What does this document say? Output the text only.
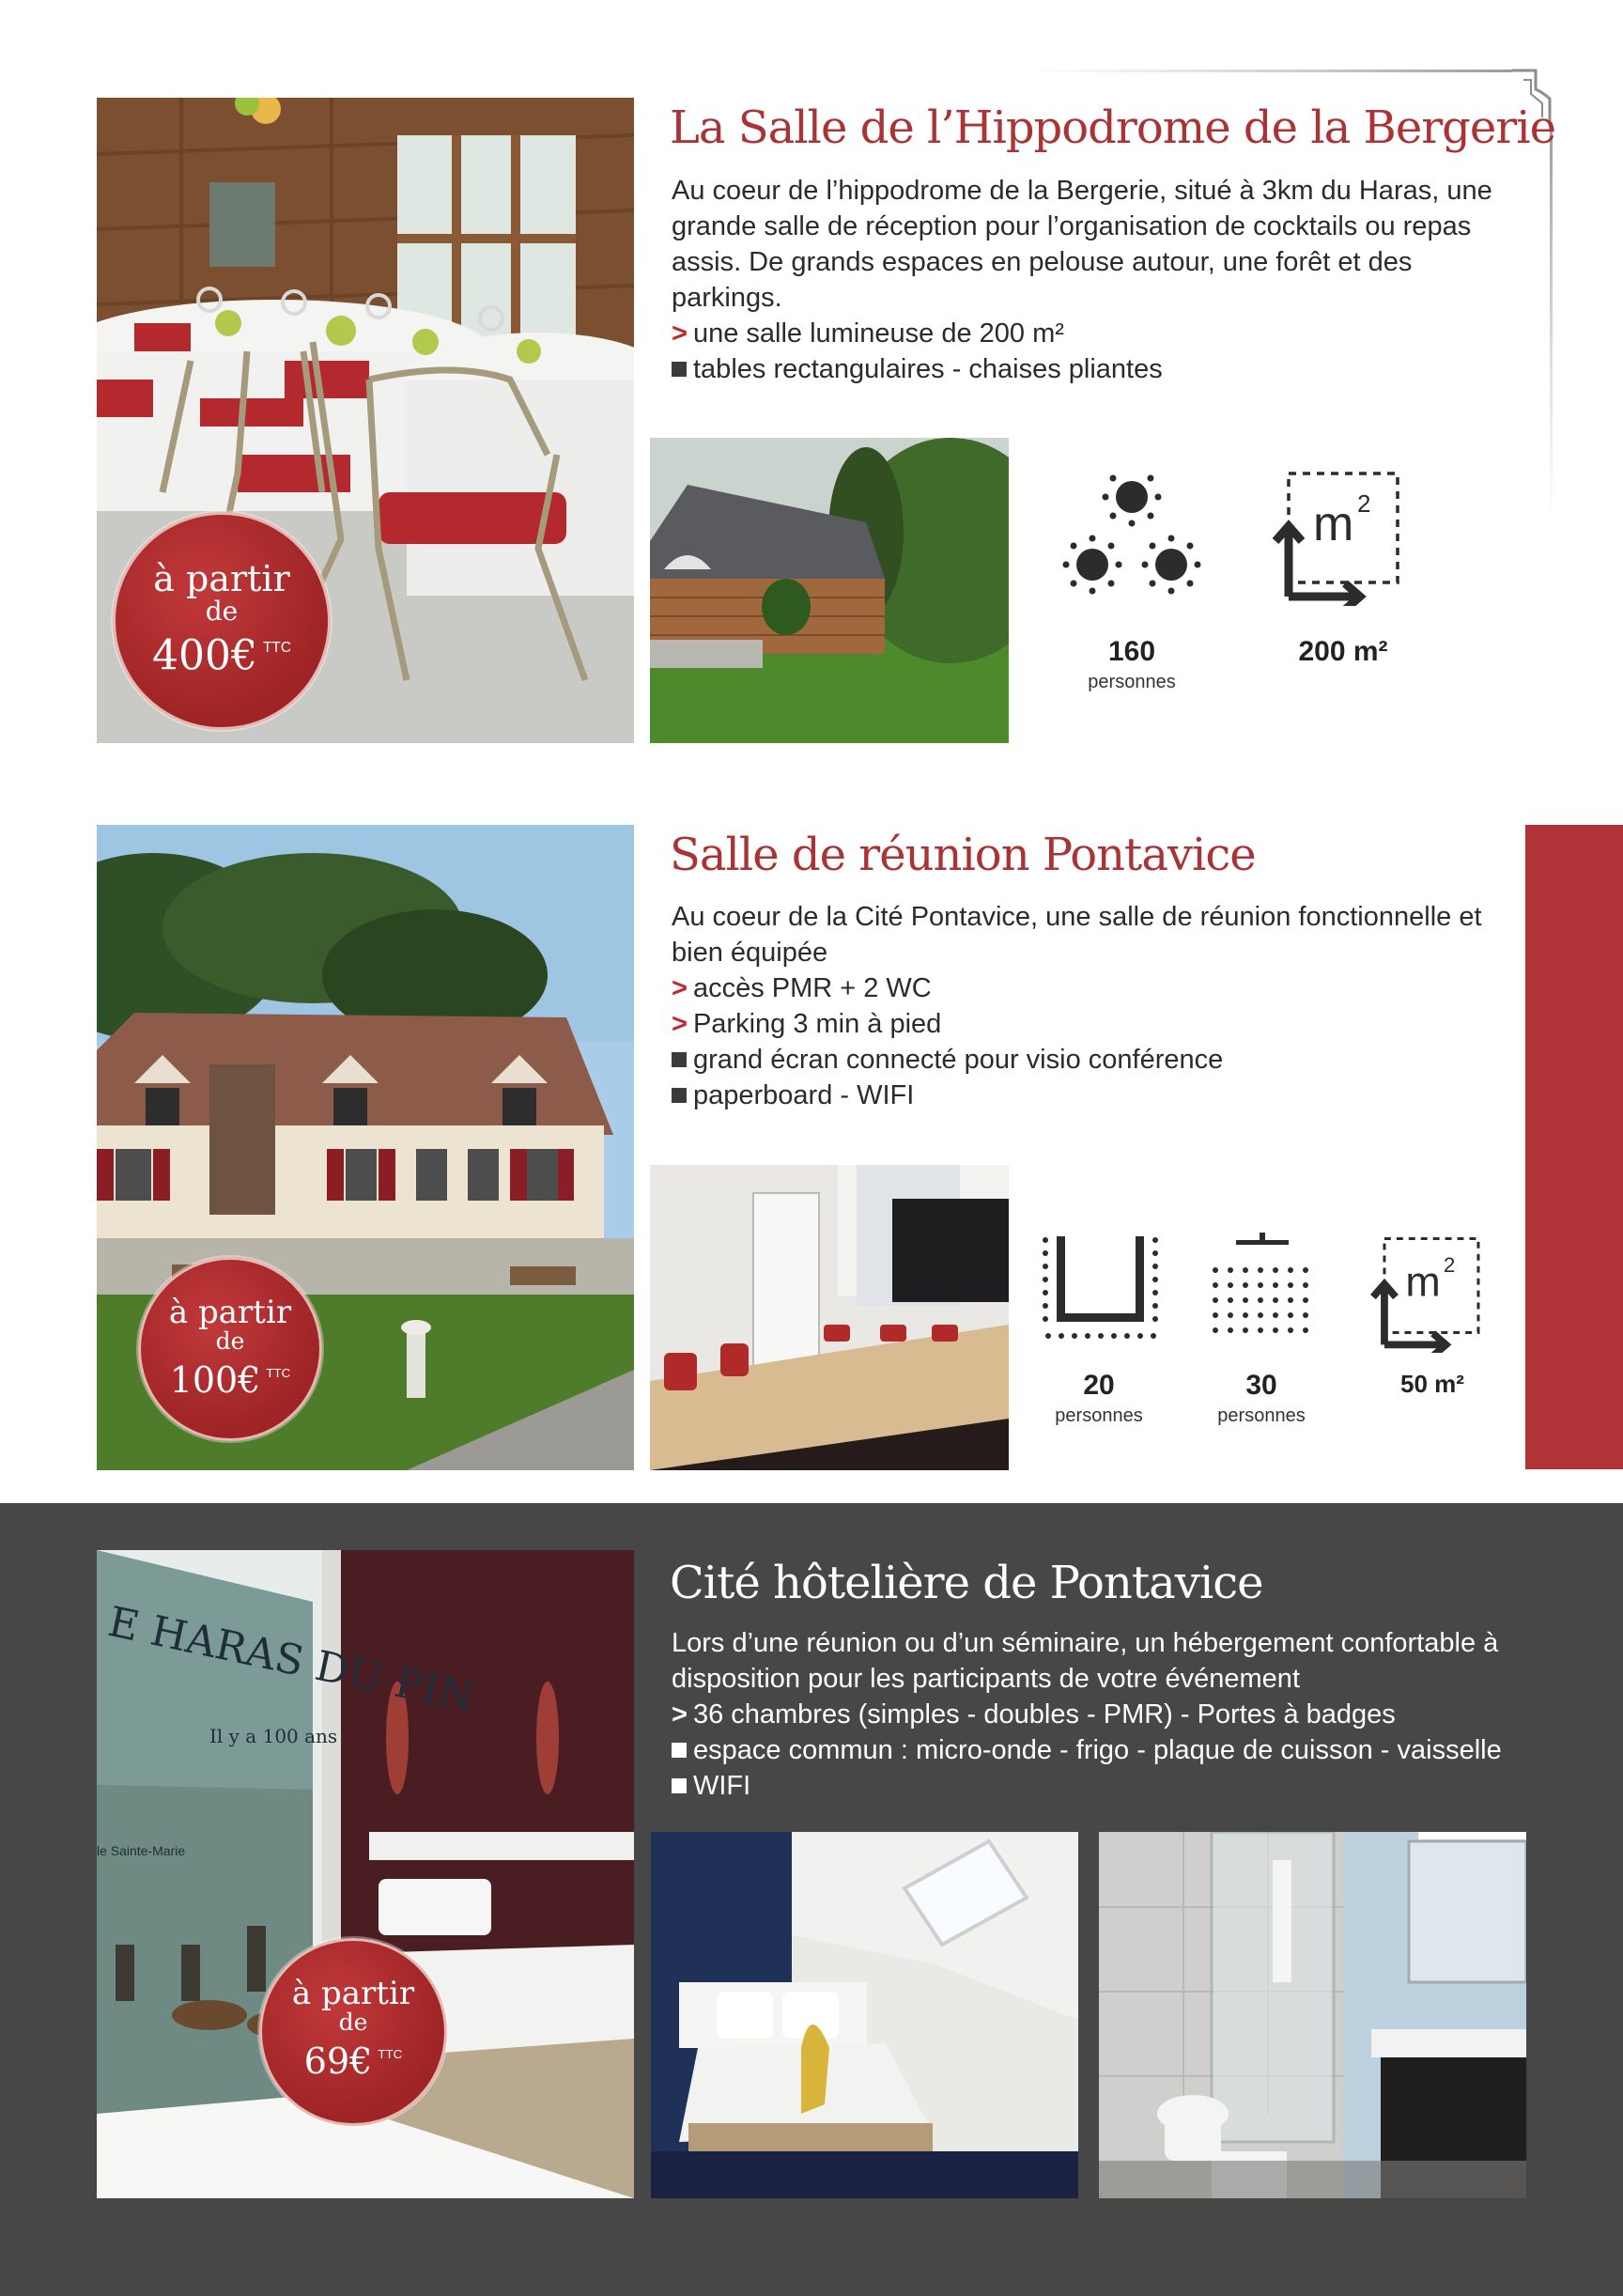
à partir
de
400€ $^{TTC}$
La Salle de l’Hippodrome de la Bergerie

Au coeur de l’hippodrome de la Bergerie, situé à 3km du Haras, une grande salle de réception pour l’organisation de cocktails ou repas assis. De grands espaces en pelouse autour, une forêt et des parkings.

> une salle lumineuse de 200 m²

tables rectangulaires - chaises pliantes

160
personnes
m 2
200 m²
à partir
de
100€ $^{TTC}$
Salle de réunion Pontavice

Au coeur de la Cité Pontavice, une salle de réunion fonctionnelle et bien équipée

> accès PMR + 2 WC

> Parking 3 min à pied

grand écran connecté pour visio conférence

paperboard - WIFI

20
personnes
30
personnes
m 2
50 m²
E HARAS DU PIN
Il y a 100 ans
le Sainte-Marie
à partir
de
69€ $^{TTC}$
Cité hôtelière de Pontavice

Lors d’une réunion ou d’un séminaire, un hébergement confortable à disposition pour les participants de votre événement

> 36 chambres (simples - doubles - PMR) - Portes à badges

espace commun : micro-onde - frigo - plaque de cuisson - vaisselle

WIFI
